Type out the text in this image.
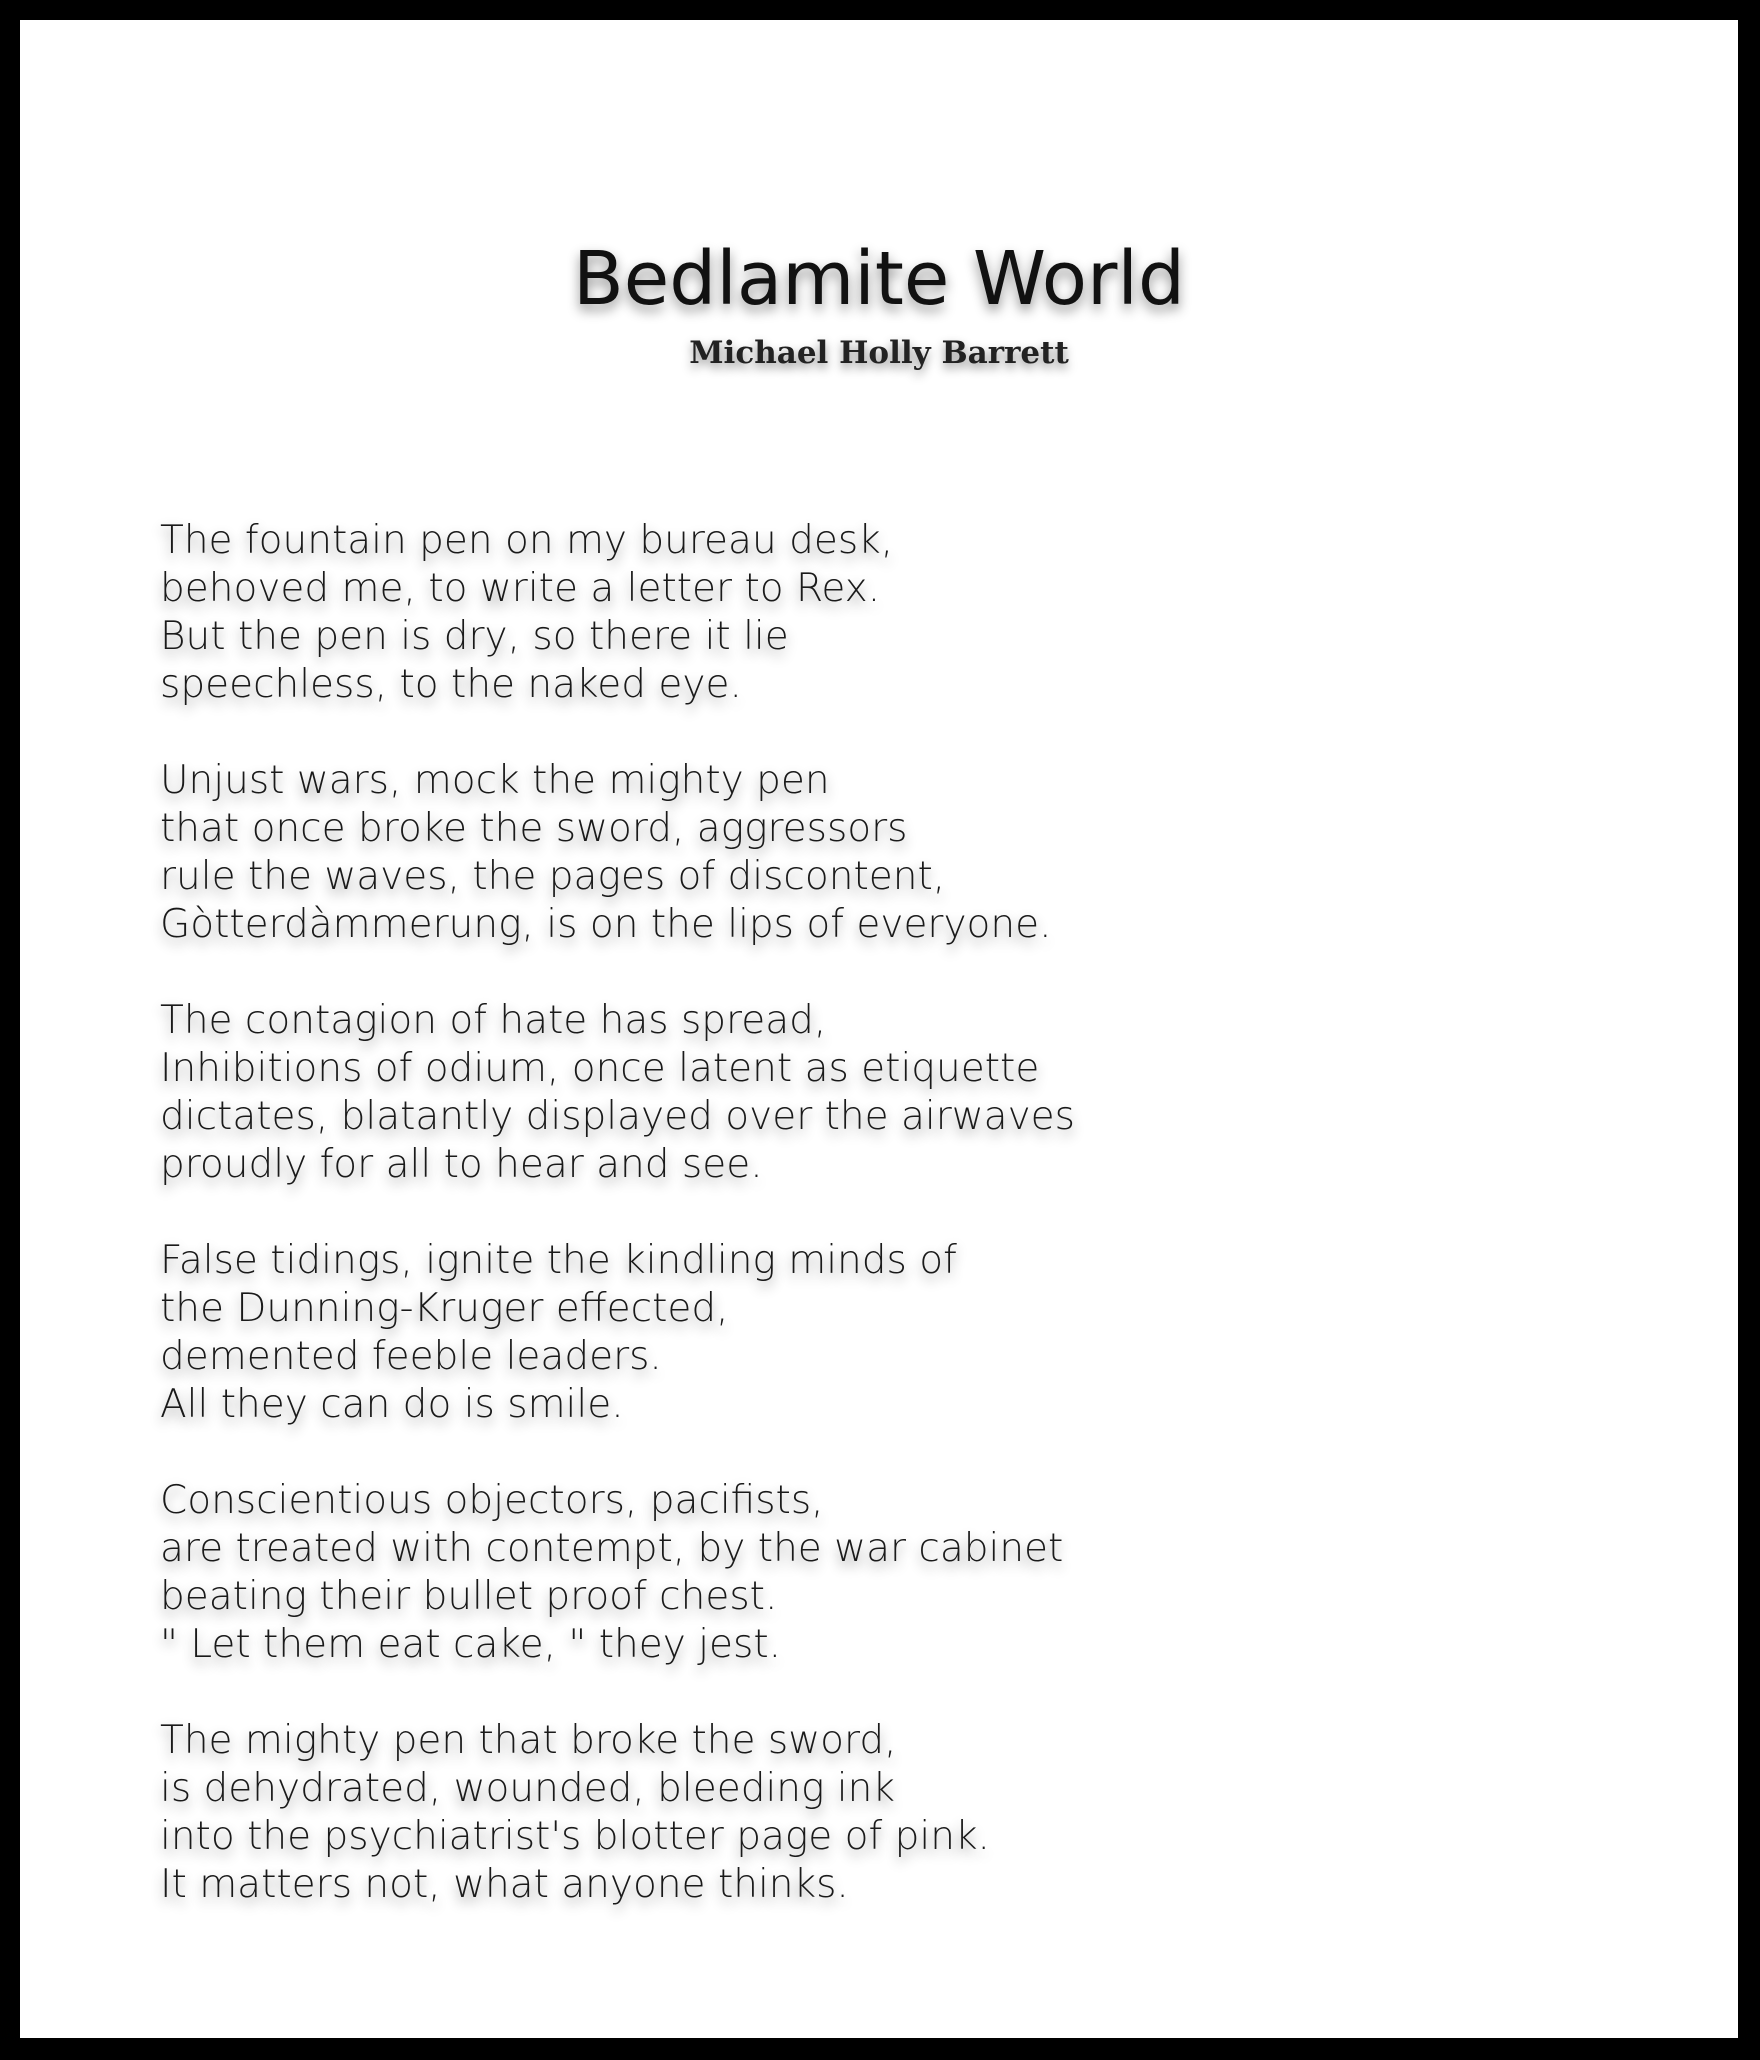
Bedlamite World
Michael Holly Barrett
The fountain pen on my bureau desk,
behoved me, to write a letter to Rex.
But the pen is dry, so there it lie
speechless, to the naked eye.
Unjust wars, mock the mighty pen
that once broke the sword, aggressors
rule the waves, the pages of discontent,
Gòtterdàmmerung, is on the lips of everyone.
The contagion of hate has spread,
Inhibitions of odium, once latent as etiquette
dictates, blatantly displayed over the airwaves
proudly for all to hear and see.
False tidings, ignite the kindling minds of
the Dunning-Kruger effected,
demented feeble leaders.
All they can do is smile.
Conscientious objectors, pacifists,
are treated with contempt, by the war cabinet
beating their bullet proof chest.
" Let them eat cake, " they jest.
The mighty pen that broke the sword,
is dehydrated, wounded, bleeding ink
into the psychiatrist's blotter page of pink.
It matters not, what anyone thinks.
